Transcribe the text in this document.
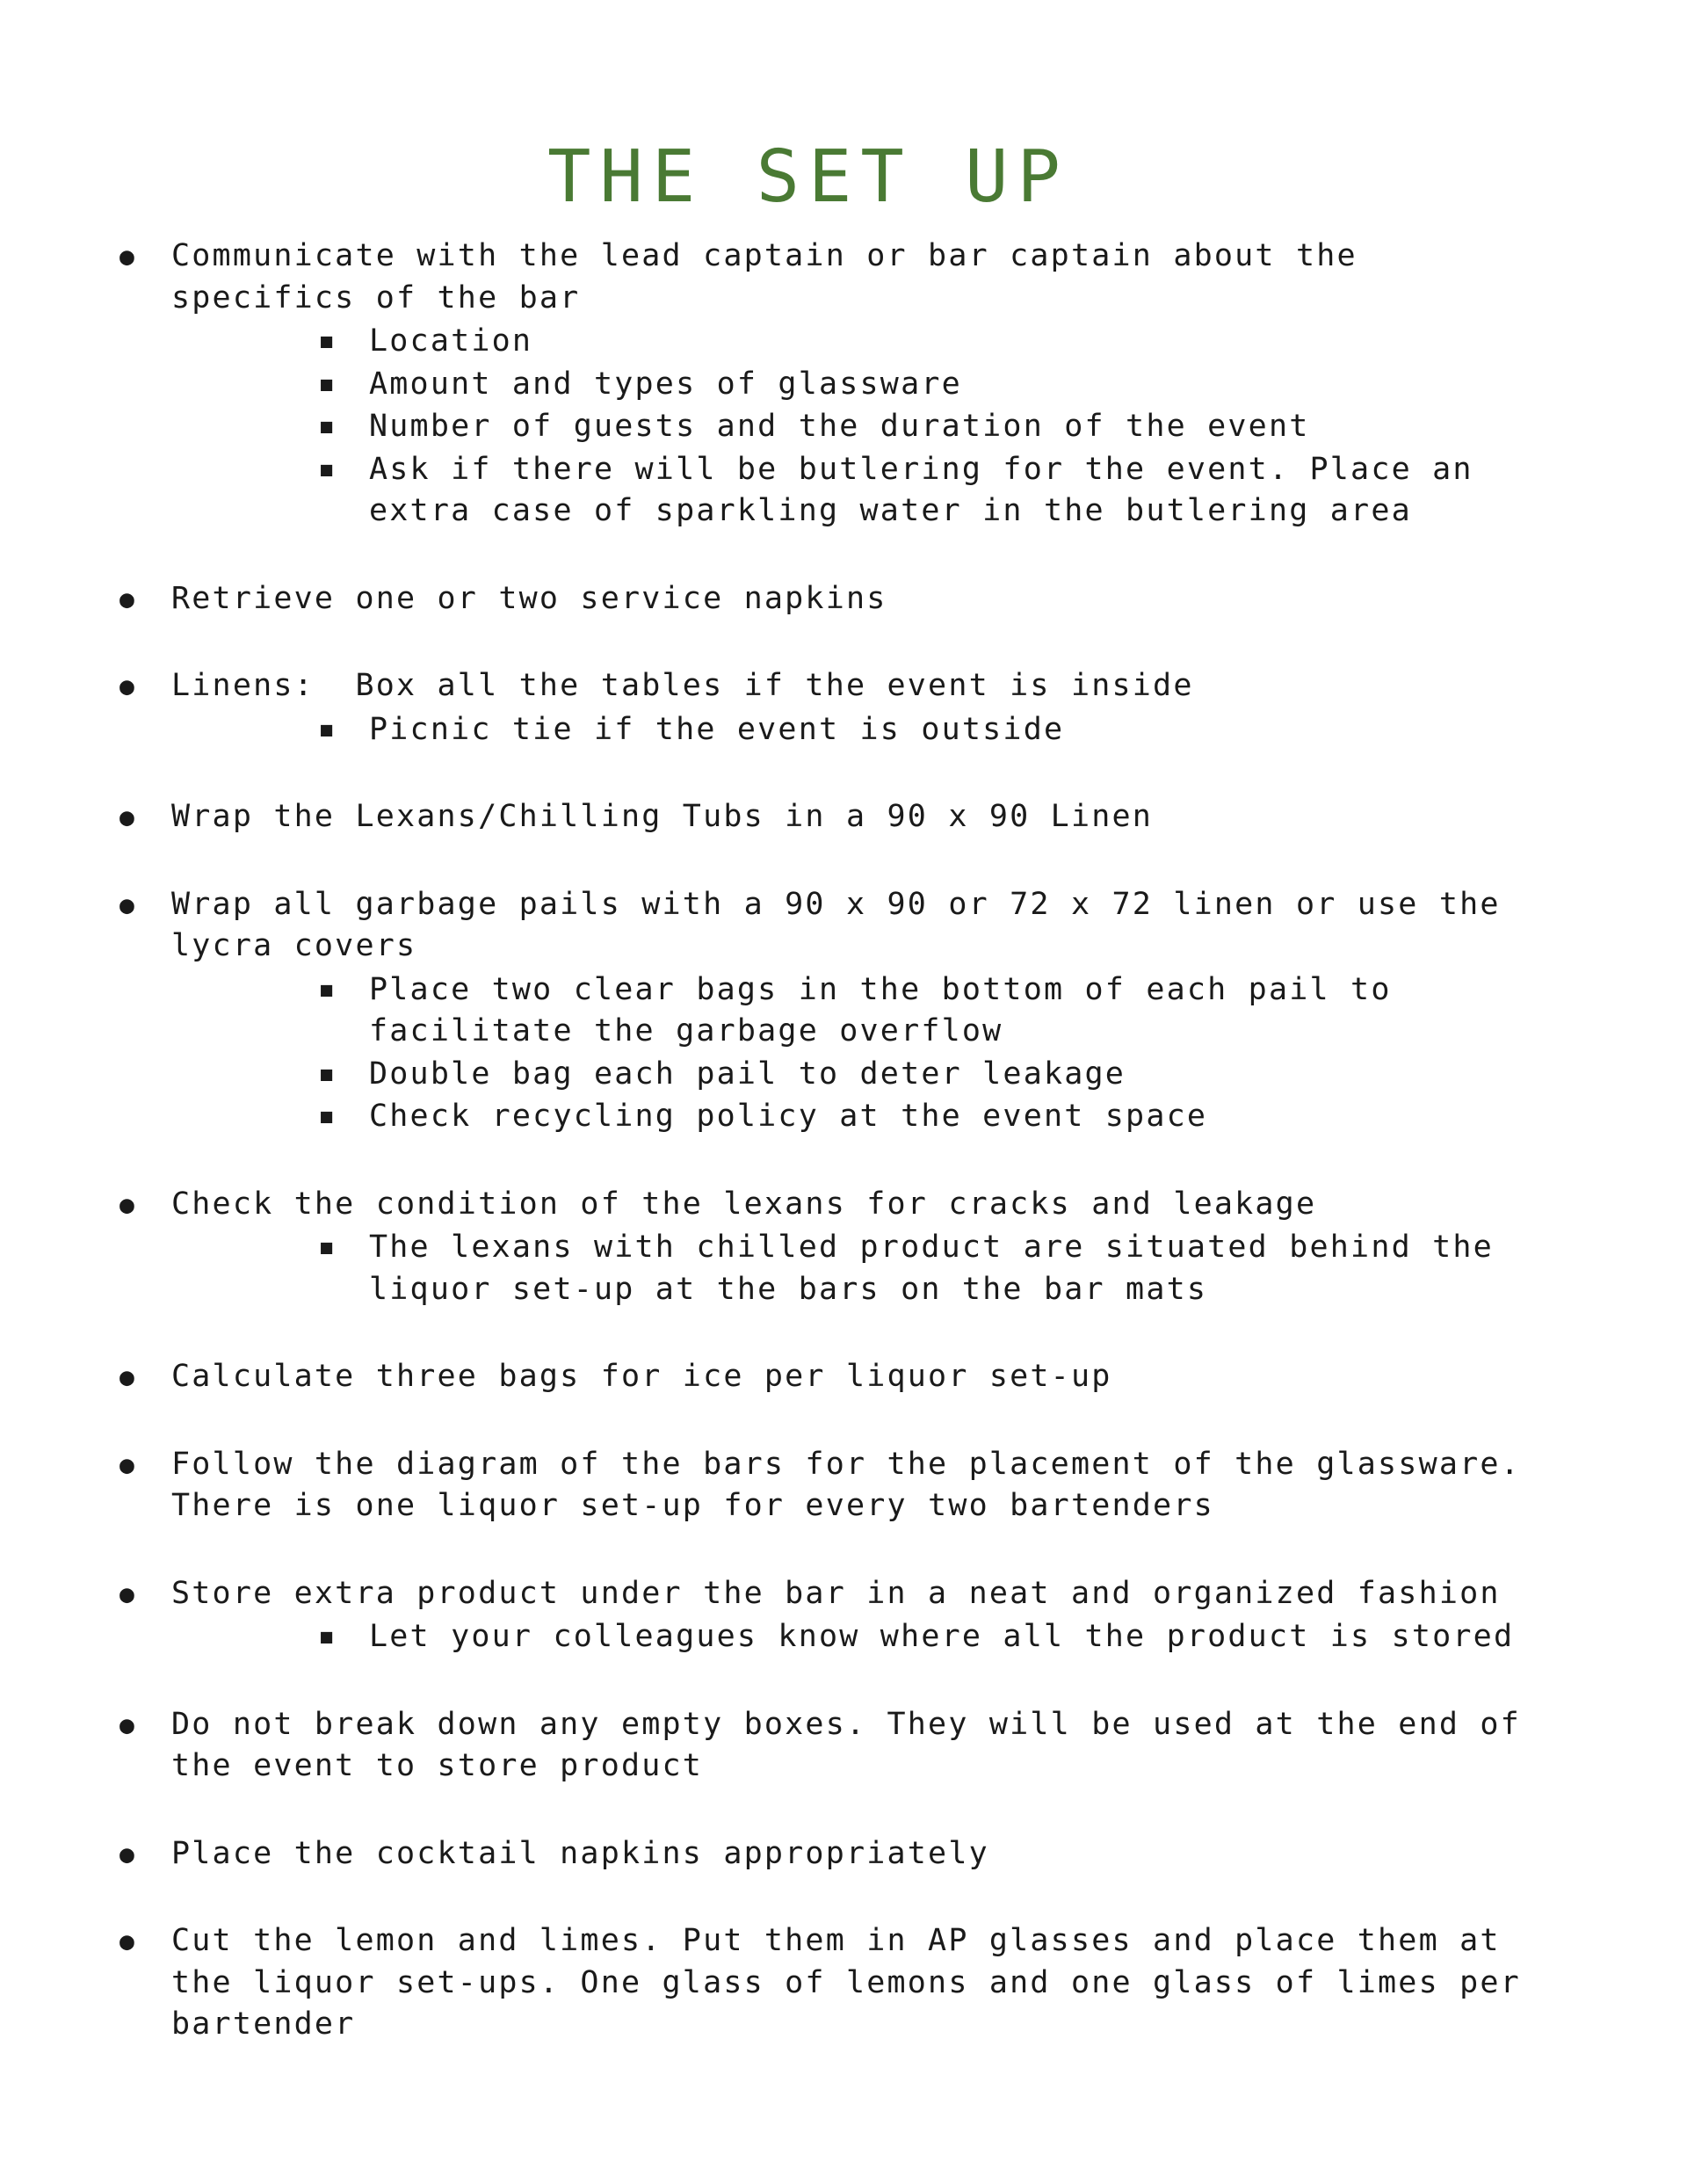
THE SET UP
● Communicate with the lead captain or bar captain about the specifics of the bar
■ Location
■ Amount and types of glassware
■ Number of guests and the duration of the event
■ Ask if there will be butlering for the event. Place an extra case of sparkling water in the butlering area
● Retrieve one or two service napkins
● Linens:  Box all the tables if the event is inside
■ Picnic tie if the event is outside
● Wrap the Lexans/Chilling Tubs in a 90 x 90 Linen
● Wrap all garbage pails with a 90 x 90 or 72 x 72 linen or use the lycra covers
■ Place two clear bags in the bottom of each pail to facilitate the garbage overflow
■ Double bag each pail to deter leakage
■ Check recycling policy at the event space
● Check the condition of the lexans for cracks and leakage
■ The lexans with chilled product are situated behind the liquor set-up at the bars on the bar mats
● Calculate three bags for ice per liquor set-up
● Follow the diagram of the bars for the placement of the glassware. There is one liquor set-up for every two bartenders
● Store extra product under the bar in a neat and organized fashion
■ Let your colleagues know where all the product is stored
● Do not break down any empty boxes. They will be used at the end of the event to store product
● Place the cocktail napkins appropriately
● Cut the lemon and limes. Put them in AP glasses and place them at the liquor set-ups. One glass of lemons and one glass of limes per bartender
